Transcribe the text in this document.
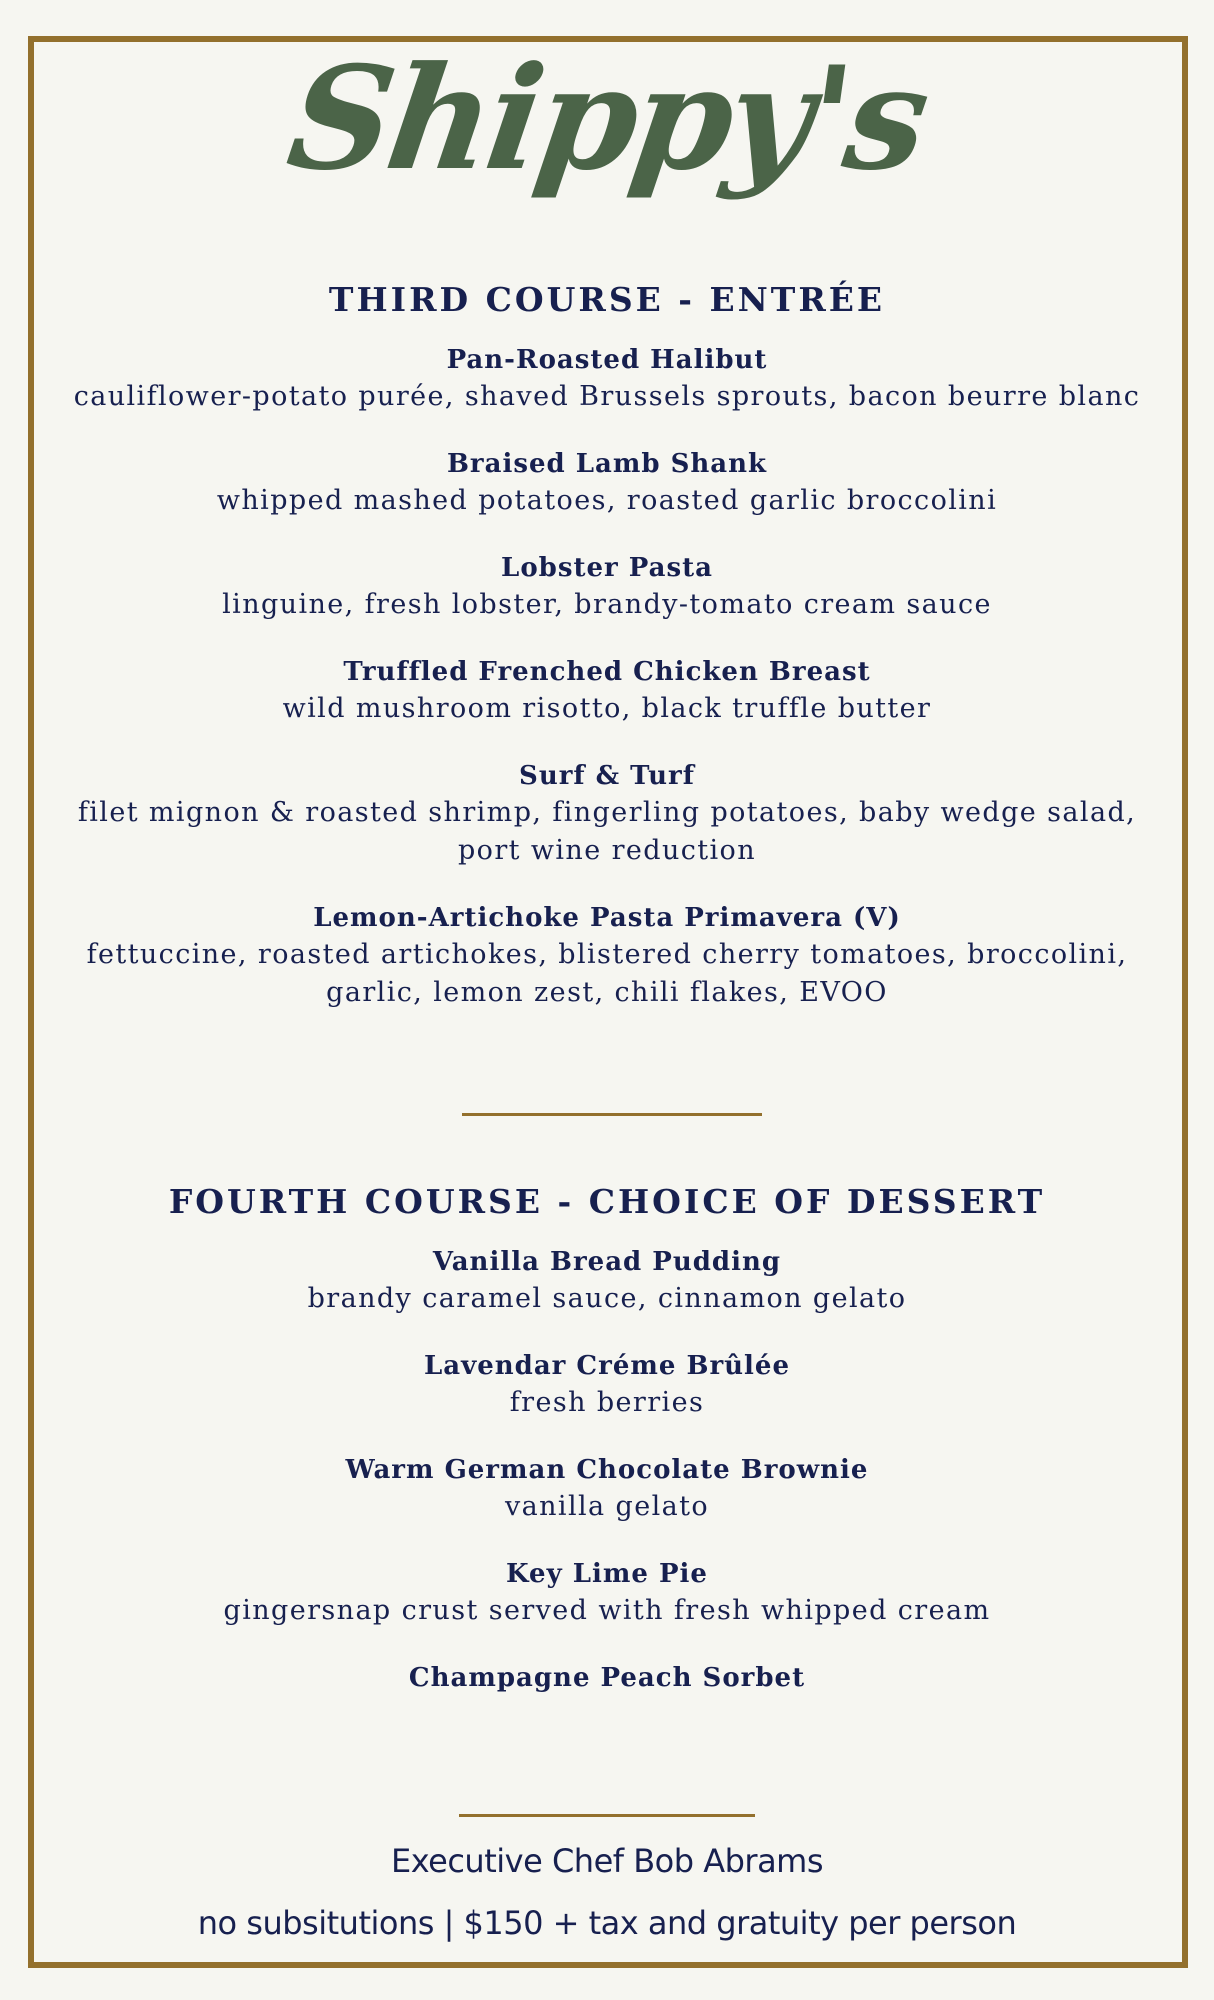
Shippy's
THIRD COURSE - ENTRÉE
Pan-Roasted Halibut
cauliflower-potato purée, shaved Brussels sprouts, bacon beurre blanc
Braised Lamb Shank
whipped mashed potatoes, roasted garlic broccolini
Lobster Pasta
linguine, fresh lobster, brandy-tomato cream sauce
Truffled Frenched Chicken Breast
wild mushroom risotto, black truffle butter
Surf & Turf
filet mignon & roasted shrimp, fingerling potatoes, baby wedge salad,
port wine reduction
Lemon-Artichoke Pasta Primavera (V)
fettuccine, roasted artichokes, blistered cherry tomatoes, broccolini,
garlic, lemon zest, chili flakes, EVOO
FOURTH COURSE - CHOICE OF DESSERT
Vanilla Bread Pudding
brandy caramel sauce, cinnamon gelato
Lavendar Créme Brûlée
fresh berries
Warm German Chocolate Brownie
vanilla gelato
Key Lime Pie
gingersnap crust served with fresh whipped cream
Champagne Peach Sorbet
Executive Chef Bob Abrams
no subsitutions | $150 + tax and gratuity per person
